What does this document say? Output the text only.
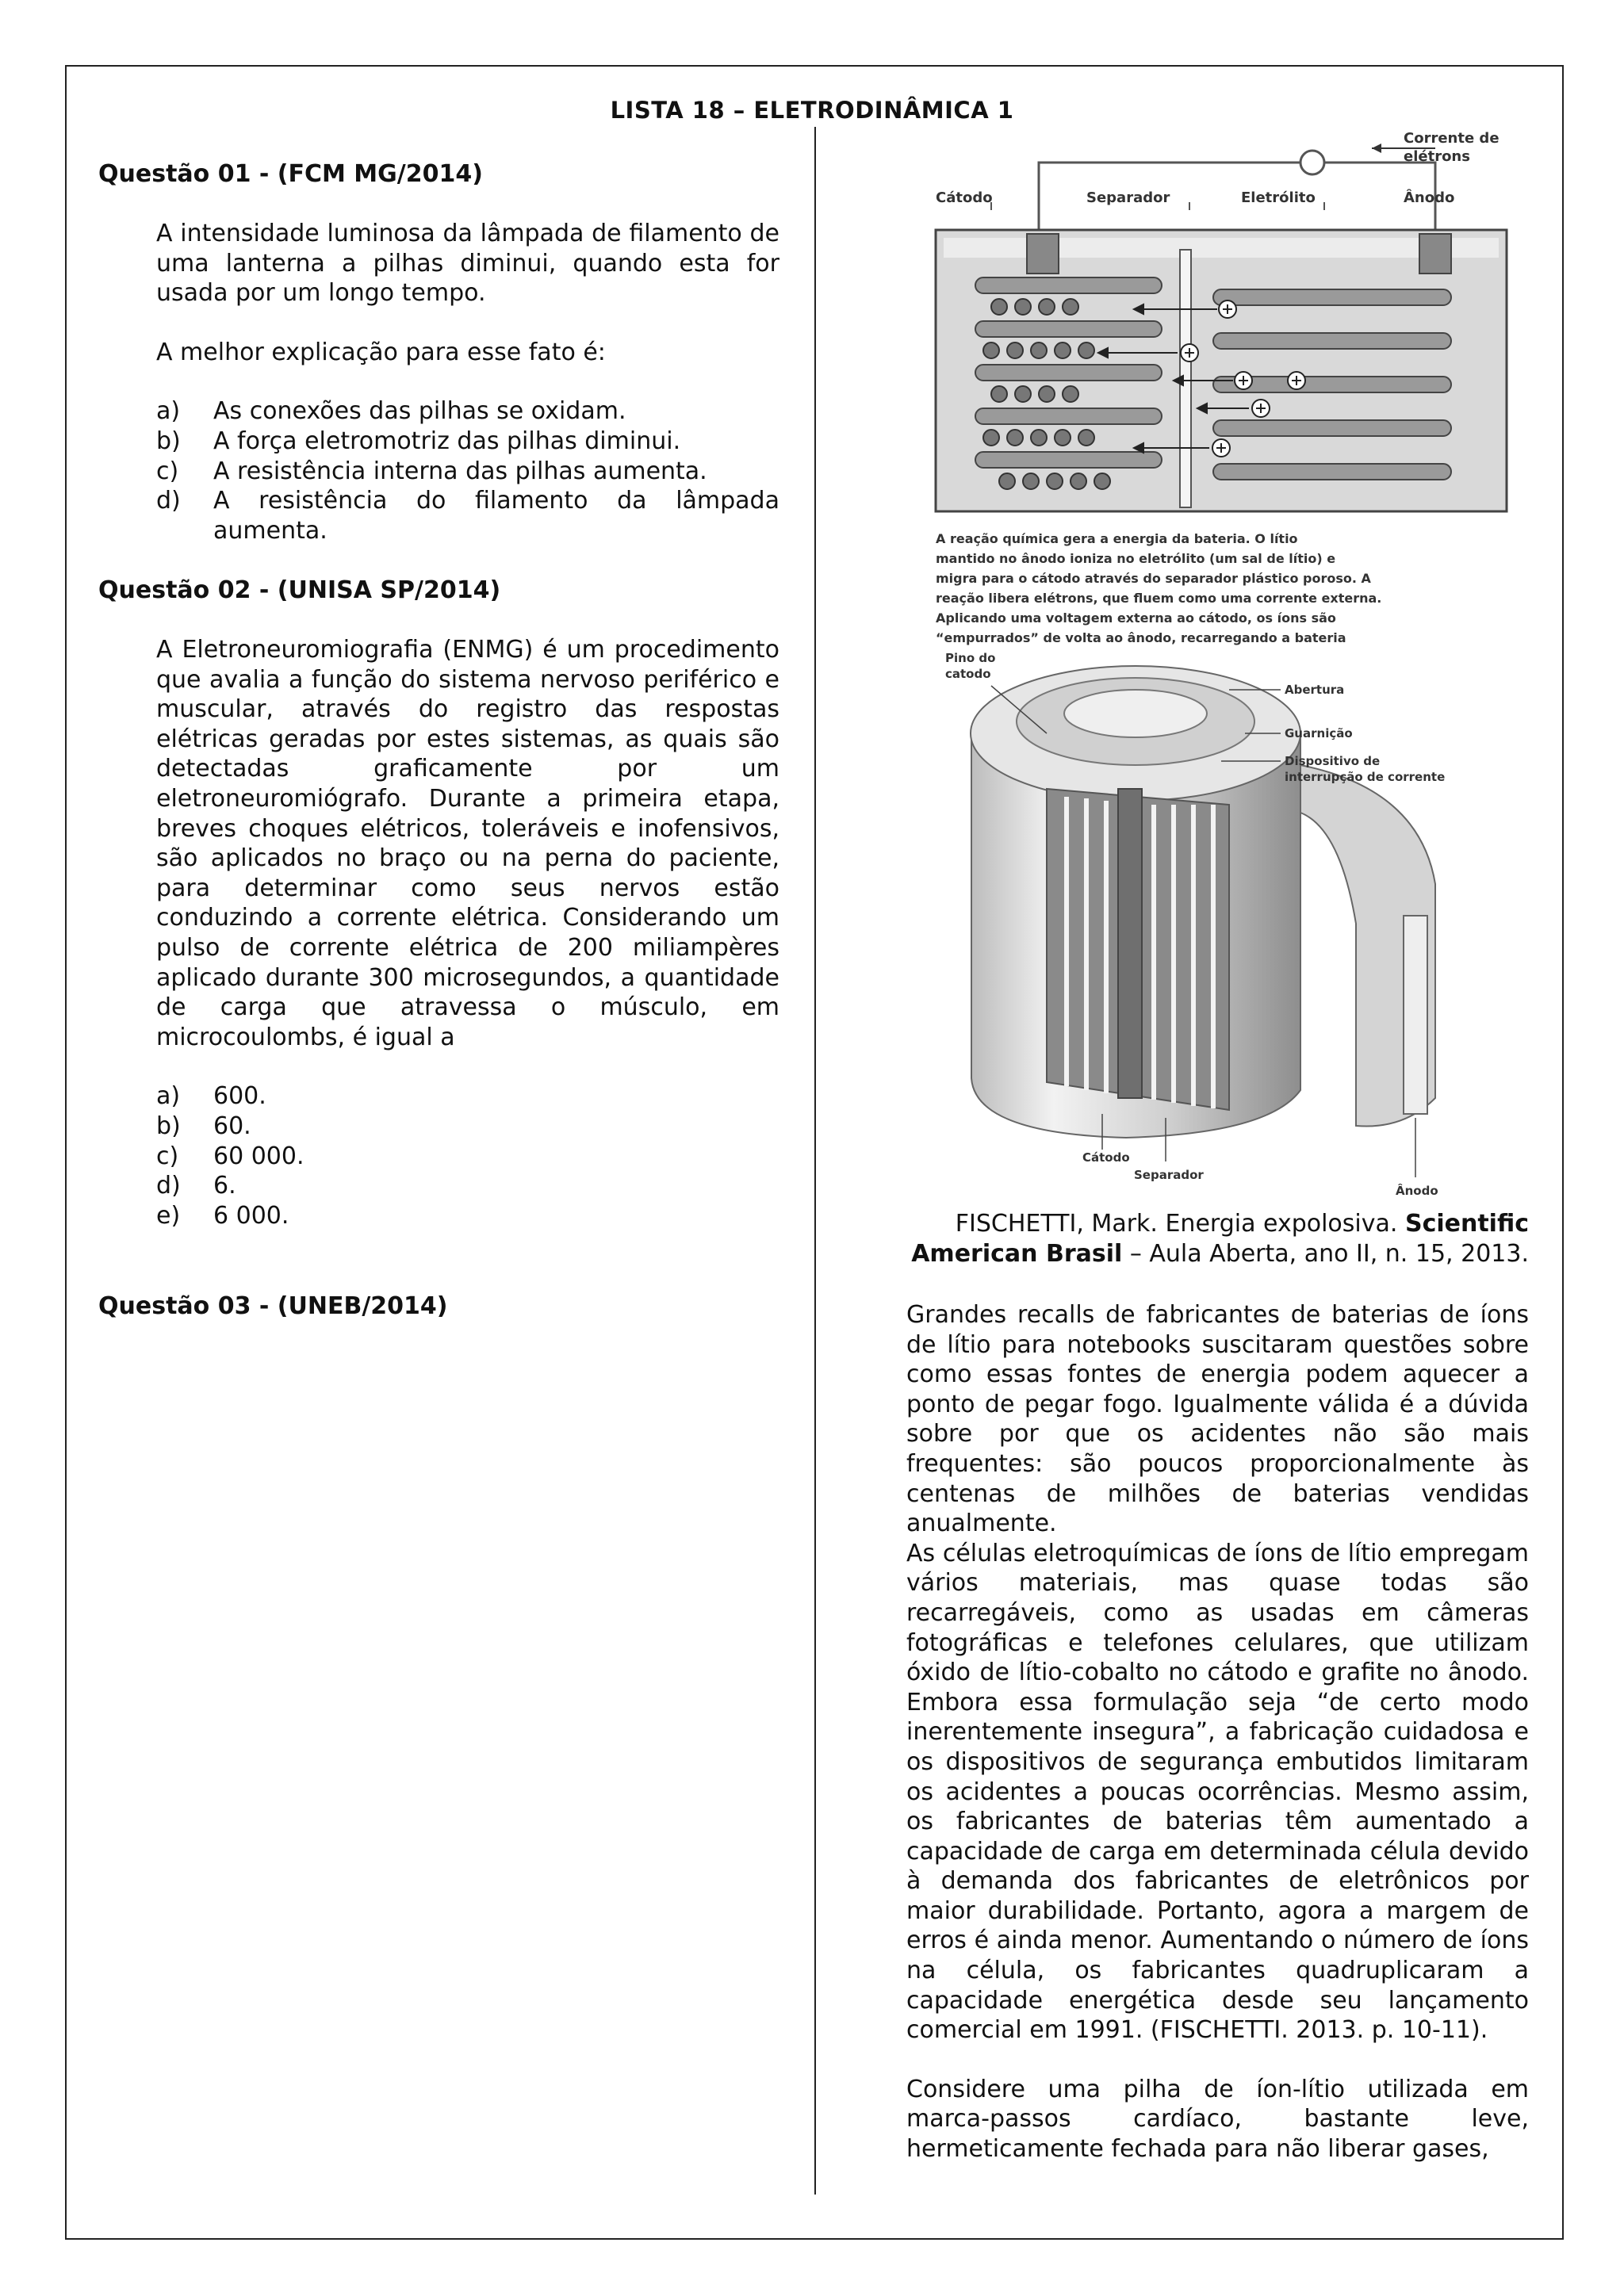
LISTA 18 – ELETRODINÂMICA 1
Questão 01 - (FCM MG/2014)

A intensidade luminosa da lâmpada de filamento de uma lanterna a pilhas diminui, quando esta for usada por um longo tempo.

A melhor explicação para esse fato é:

a)	As conexões das pilhas se oxidam.
b)	A força eletromotriz das pilhas diminui.
c)	A resistência interna das pilhas aumenta.
d)	A resistência do filamento da lâmpada aumenta.
Questão 02 - (UNISA SP/2014)

A Eletroneuromiografia (ENMG) é um procedimento que avalia a função do sistema nervoso periférico e muscular, através do registro das respostas elétricas geradas por estes sistemas, as quais são detectadas graficamente por um eletroneuromiógrafo. Durante a primeira etapa, breves choques elétricos, toleráveis e inofensivos, são aplicados no braço ou na perna do paciente, para determinar como seus nervos estão conduzindo a corrente elétrica. Considerando um pulso de corrente elétrica de 200 miliampères aplicado durante 300 microsegundos, a quantidade de carga que atravessa o músculo, em microcoulombs, é igual a

a)	600.
b)	60.
c)	60 000.
d)	6.
e)	6 000.
Questão 03 - (UNEB/2014)
Corrente de
elétrons
Cátodo	Separador	Eletrólito	Ânodo
A reação química gera a energia da bateria. O lítio
mantido no ânodo ioniza no eletrólito (um sal de lítio) e
migra para o cátodo através do separador plástico poroso. A
reação libera elétrons, que fluem como uma corrente externa.
Aplicando uma voltagem externa ao cátodo, os íons são
“empurrados” de volta ao ânodo, recarregando a bateria
Pino do
catodo
Abertura
Guarnição
Dispositivo de
interrupção de corrente
Cátodo
Separador
Ânodo
FISCHETTI, Mark. Energia expolosiva. Scientific
American Brasil – Aula Aberta, ano II, n. 15, 2013.

Grandes recalls de fabricantes de baterias de íons de lítio para notebooks suscitaram questões sobre como essas fontes de energia podem aquecer a ponto de pegar fogo. Igualmente válida é a dúvida sobre por que os acidentes não são mais frequentes: são poucos proporcionalmente às centenas de milhões de baterias vendidas anualmente.

As células eletroquímicas de íons de lítio empregam vários materiais, mas quase todas são recarregáveis, como as usadas em câmeras fotográficas e telefones celulares, que utilizam óxido de lítio-cobalto no cátodo e grafite no ânodo. Embora essa formulação seja “de certo modo inerentemente insegura”, a fabricação cuidadosa e os dispositivos de segurança embutidos limitaram os acidentes a poucas ocorrências. Mesmo assim, os fabricantes de baterias têm aumentado a capacidade de carga em determinada célula devido à demanda dos fabricantes de eletrônicos por maior durabilidade. Portanto, agora a margem de erros é ainda menor. Aumentando o número de íons na célula, os fabricantes quadruplicaram a capacidade energética desde seu lançamento comercial em 1991. (FISCHETTI. 2013. p. 10-11).

Considere uma pilha de íon-lítio utilizada em marca-passos cardíaco, bastante leve, hermeticamente fechada para não liberar gases,
